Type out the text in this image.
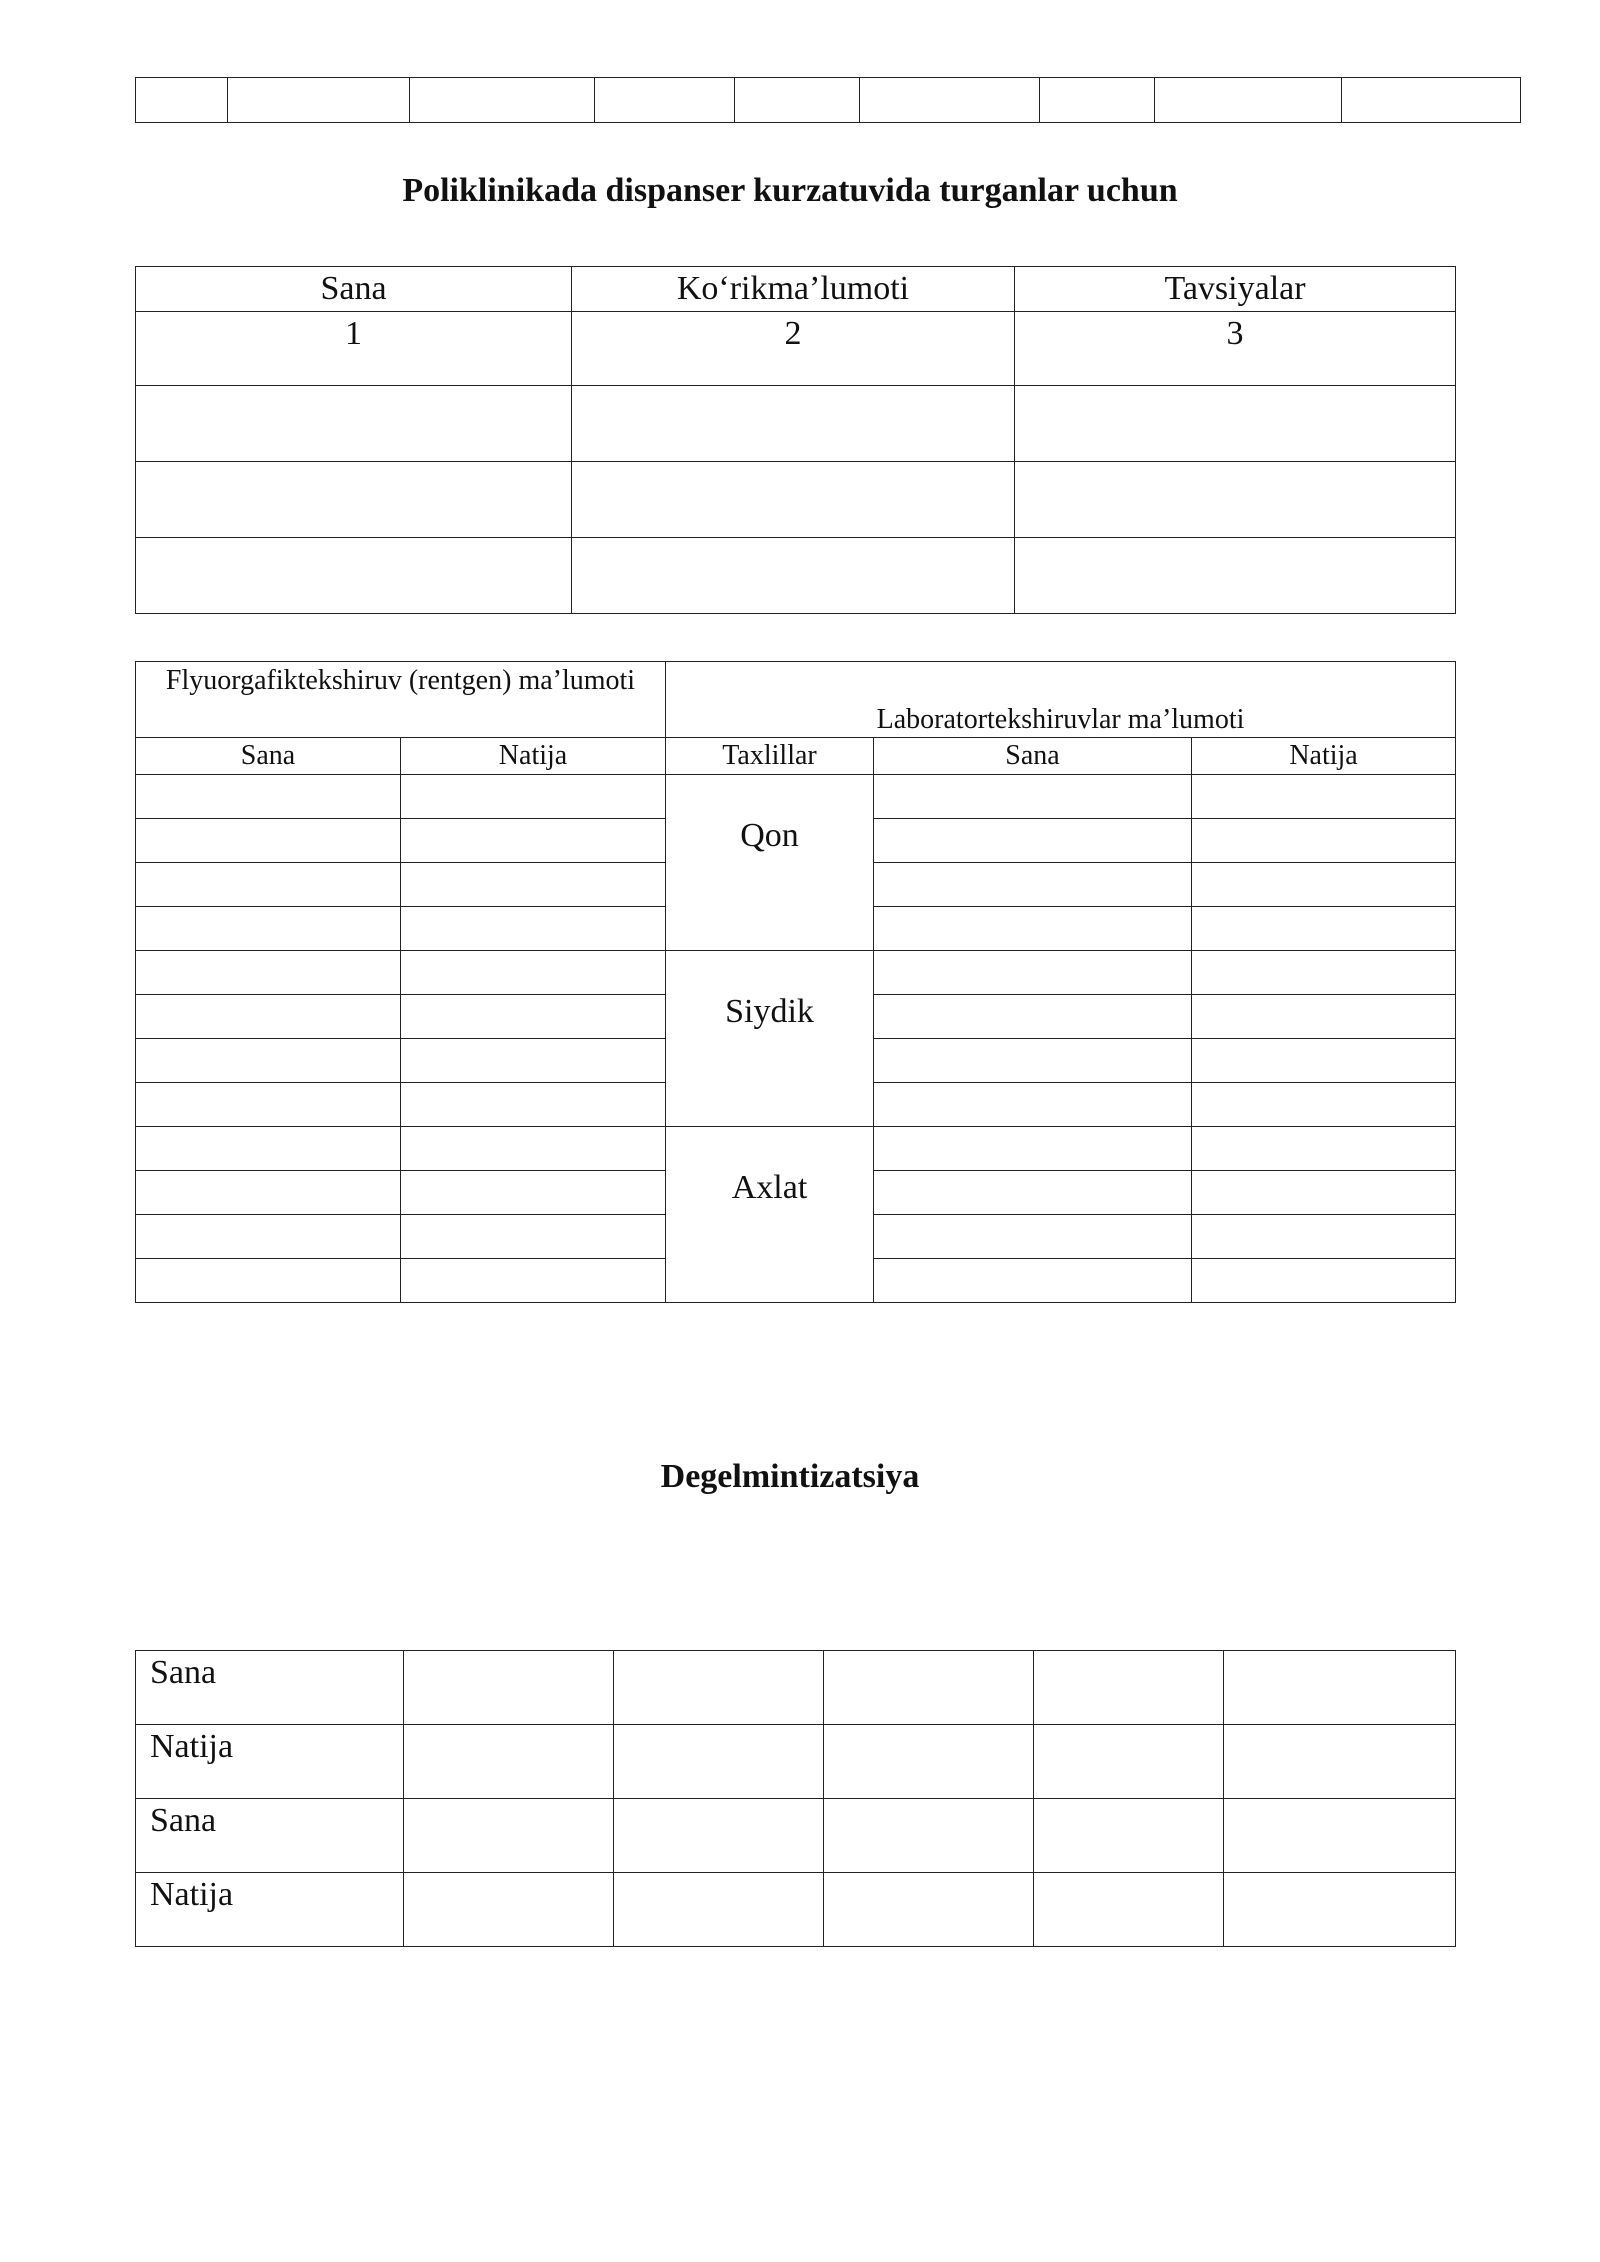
Poliklinikada dispanser kurzatuvida turganlar uchun
Sana	Ko‘rikma’lumoti	Tavsiyalar
1	2	3

Flyuorgafiktekshiruv (rentgen) ma’lumoti		Laboratortekshiruvlar ma’lumoti		
Sana	Natija	Taxlillar	Sana	Natija
		Qon		

		Siydik		

		Axlat		

Degelmintizatsiya
Sana					
Natija					
Sana					
Natija					
